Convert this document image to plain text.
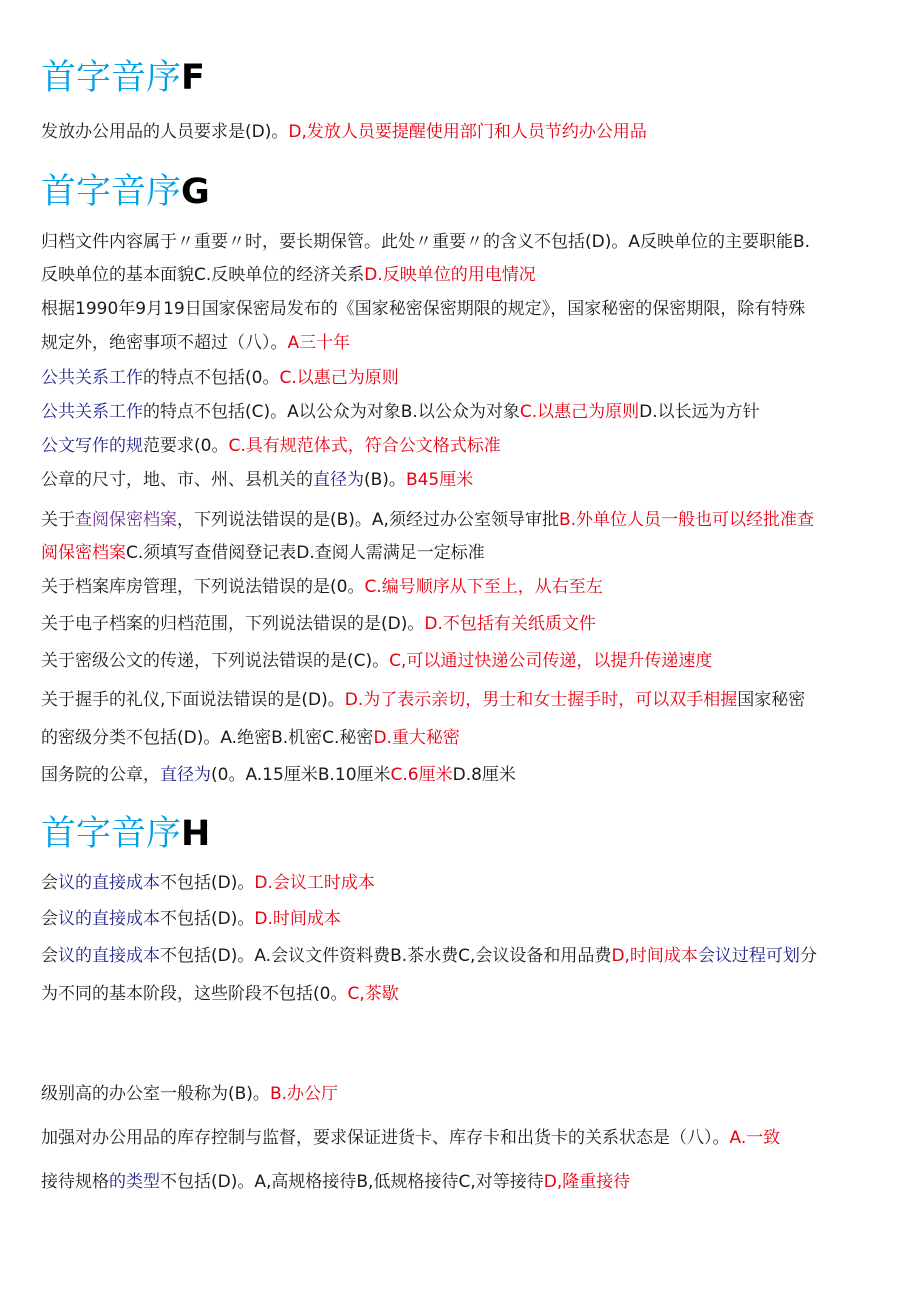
首字音序F
发放办公用品的人员要求是(D)。D,发放人员要提醒使用部门和人员节约办公用品
首字音序G
归档文件内容属于〃重要〃时，要长期保管。此处〃重要〃的含义不包括(D)。A反映单位的主要职能B.
反映单位的基本面貌C.反映单位的经济关系D.反映单位的用电情况
根据1990年9月19日国家保密局发布的《国家秘密保密期限的规定》，国家秘密的保密期限，除有特殊
规定外，绝密事项不超过（八）。A三十年
公共关系工作的特点不包括(0。C.以惠己为原则
公共关系工作的特点不包括(C)。A以公众为对象B.以公众为对象C.以惠己为原则D.以长远为方针
公文写作的规范要求(0。C.具有规范体式，符合公文格式标准
公章的尺寸，地、市、州、县机关的直径为(B)。B45厘米
关于查阅保密档案，下列说法错误的是(B)。A,须经过办公室领导审批B.外单位人员一般也可以经批准查
阅保密档案C.须填写查借阅登记表D.查阅人需满足一定标准
关于档案库房管理，下列说法错误的是(0。C.编号顺序从下至上，从右至左
关于电子档案的归档范围，下列说法错误的是(D)。D.不包括有关纸质文件
关于密级公文的传递，下列说法错误的是(C)。C,可以通过快递公司传递，以提升传递速度
关于握手的礼仪,下面说法错误的是(D)。D.为了表示亲切，男士和女士握手时，可以双手相握国家秘密
的密级分类不包括(D)。A.绝密B.机密C.秘密D.重大秘密
国务院的公章，直径为(0。A.15厘米B.10厘米C.6厘米D.8厘米
首字音序H
会议的直接成本不包括(D)。D.会议工时成本
会议的直接成本不包括(D)。D.时间成本
会议的直接成本不包括(D)。A.会议文件资料费B.茶水费C,会议设备和用品费D,时间成本会议过程可划分
为不同的基本阶段，这些阶段不包括(0。C,茶歇
级别高的办公室一般称为(B)。B.办公厅
加强对办公用品的库存控制与监督，要求保证进货卡、库存卡和出货卡的关系状态是（八）。A.一致
接待规格的类型不包括(D)。A,高规格接待B,低规格接待C,对等接待D,隆重接待
